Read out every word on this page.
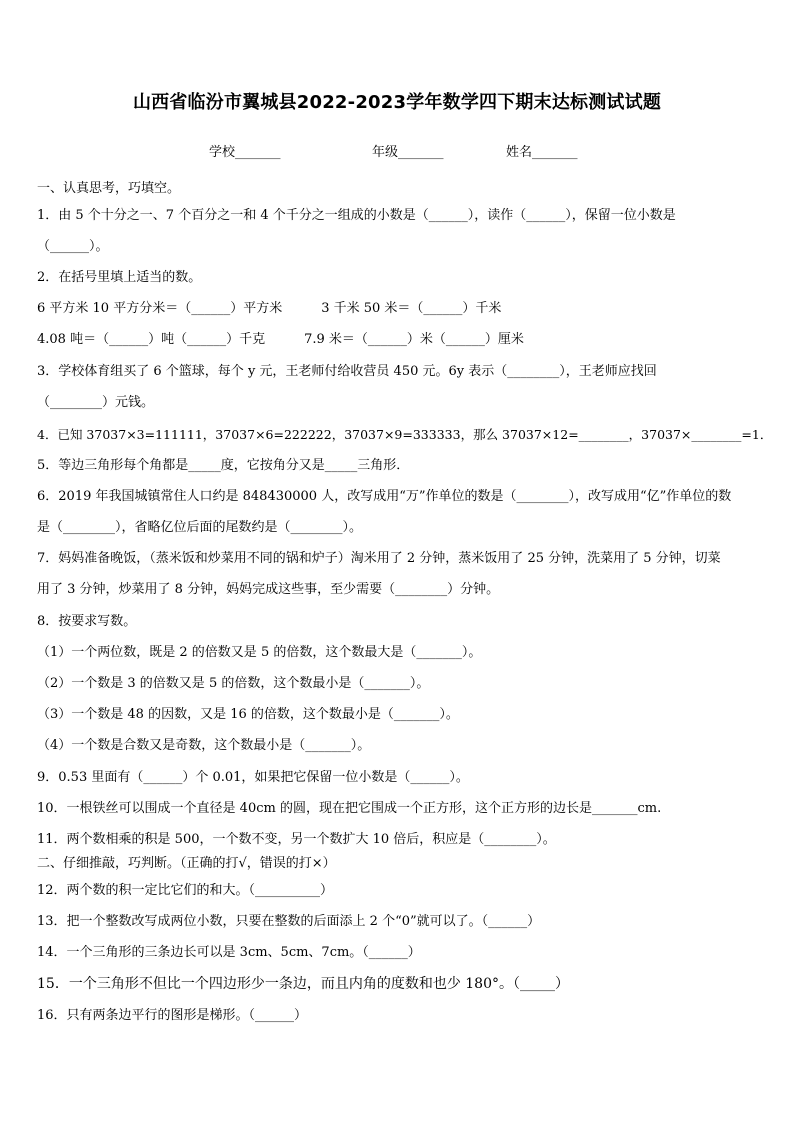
山西省临汾市翼城县2022-2023学年数学四下期末达标测试试题
学校_______	年级_______	姓名_______
一、认真思考，巧填空。
1．由 5 个十分之一、7 个百分之一和 4 个千分之一组成的小数是（______），读作（______），保留一位小数是
（______）。
2．在括号里填上适当的数。
6 平方米 10 平方分米＝（______）平方米　　　3 千米 50 米＝（______）千米
4.08 吨＝（______）吨（______）千克　　　7.9 米＝（______）米（______）厘米
3．学校体育组买了 6 个篮球，每个 y 元，王老师付给收营员 450 元。6y 表示（________），王老师应找回
（________）元钱。
4．已知 37037×3=111111，37037×6=222222，37037×9=333333，那么 37037×12=________，37037×________=1．
5．等边三角形每个角都是_____度，它按角分又是_____三角形．
6．2019 年我国城镇常住人口约是 848430000 人，改写成用“万”作单位的数是（________），改写成用“亿”作单位的数
是（________），省略亿位后面的尾数约是（________）。
7．妈妈准备晚饭，（蒸米饭和炒菜用不同的锅和炉子）淘米用了 2 分钟，蒸米饭用了 25 分钟，洗菜用了 5 分钟，切菜
用了 3 分钟，炒菜用了 8 分钟，妈妈完成这些事，至少需要（________）分钟。
8．按要求写数。
（1）一个两位数，既是 2 的倍数又是 5 的倍数，这个数最大是（_______）。
（2）一个数是 3 的倍数又是 5 的倍数，这个数最小是（_______）。
（3）一个数是 48 的因数，又是 16 的倍数，这个数最小是（_______）。
（4）一个数是合数又是奇数，这个数最小是（_______）。
9．0.53 里面有（______）个 0.01，如果把它保留一位小数是（______）。
10．一根铁丝可以围成一个直径是 40cm 的圆，现在把它围成一个正方形，这个正方形的边长是_______cm.
11．两个数相乘的积是 500，一个数不变，另一个数扩大 10 倍后，积应是（________）。
二、仔细推敲，巧判断。（正确的打√，错误的打×）
12．两个数的积一定比它们的和大。（__________）
13．把一个整数改写成两位小数，只要在整数的后面添上 2 个“0”就可以了。（______）
14．一个三角形的三条边长可以是 3cm、5cm、7cm。（______）
15．一个三角形不但比一个四边形少一条边，而且内角的度数和也少 180°。（_____）
16．只有两条边平行的图形是梯形。（______）
